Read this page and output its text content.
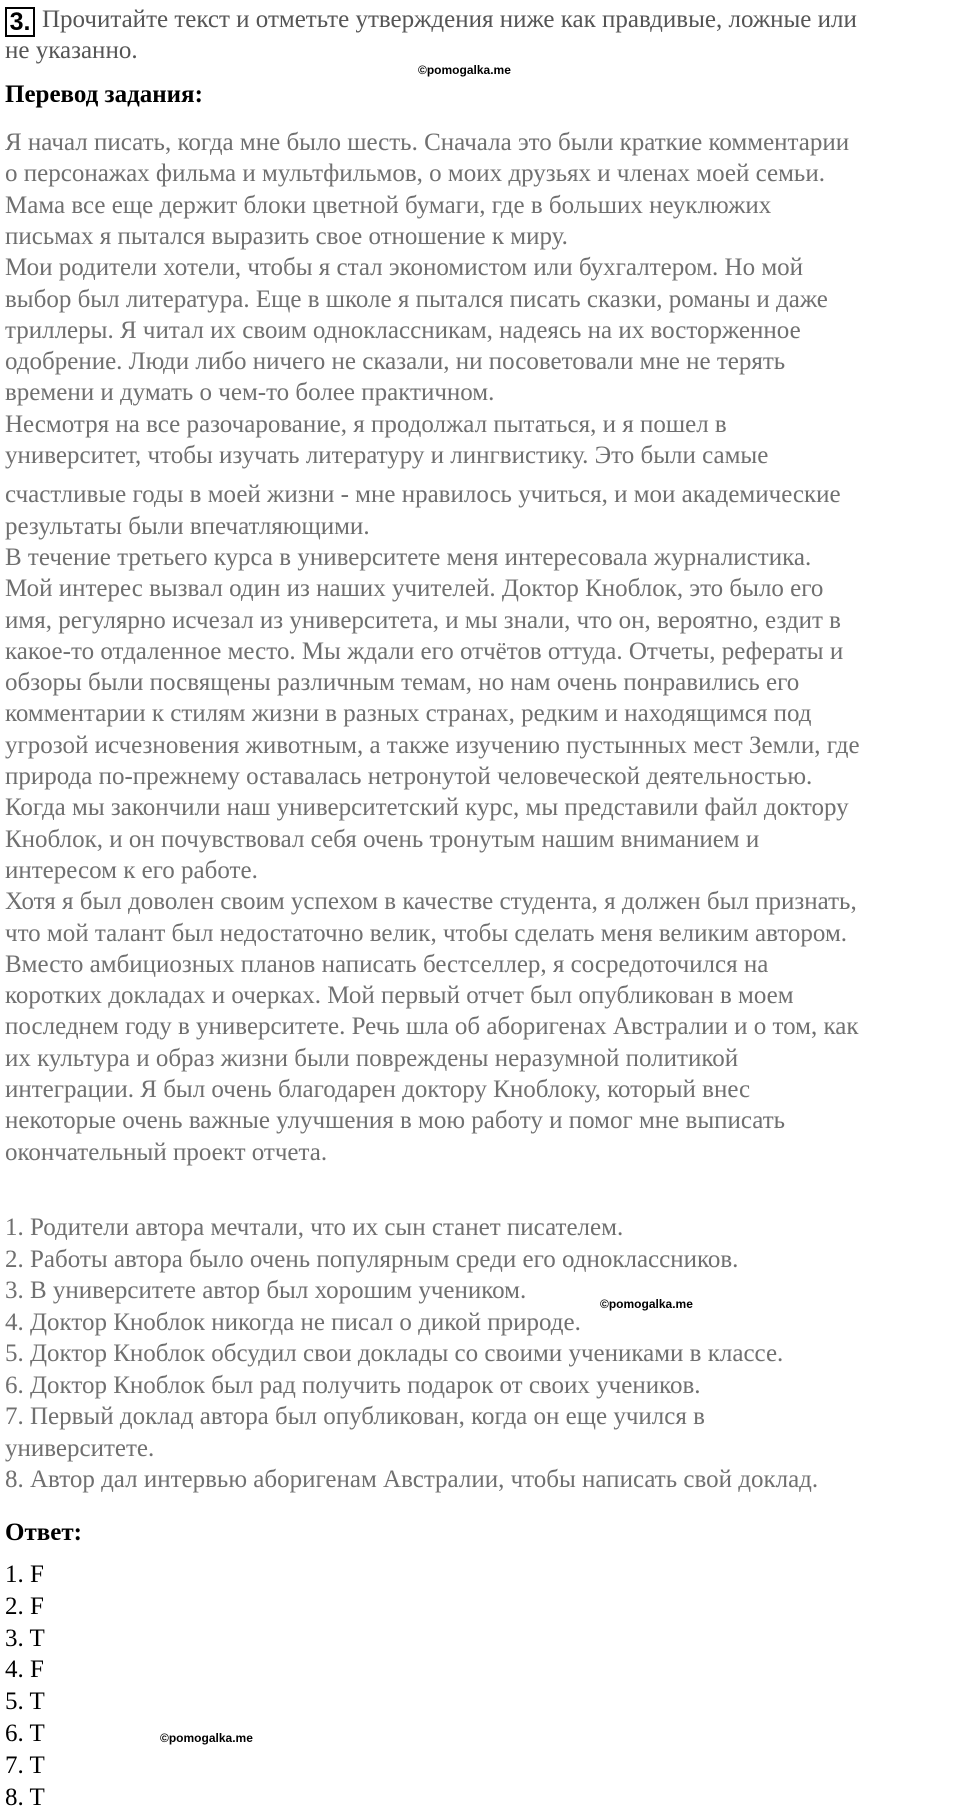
3. Прочитайте текст и отметьте утверждения ниже как правдивые, ложные или
не указанно.
©pomogalka.me
Перевод задания:
Я начал писать, когда мне было шесть. Сначала это были краткие комментарии
о персонажах фильма и мультфильмов, о моих друзьях и членах моей семьи.
Мама все еще держит блоки цветной бумаги, где в больших неуклюжих
письмах я пытался выразить свое отношение к миру.
Мои родители хотели, чтобы я стал экономистом или бухгалтером. Но мой
выбор был литература. Еще в школе я пытался писать сказки, романы и даже
триллеры. Я читал их своим одноклассникам, надеясь на их восторженное
одобрение. Люди либо ничего не сказали, ни посоветовали мне не терять
времени и думать о чем-то более практичном.
Несмотря на все разочарование, я продолжал пытаться, и я пошел в
университет, чтобы изучать литературу и лингвистику. Это были самые
счастливые годы в моей жизни - мне нравилось учиться, и мои академические
результаты были впечатляющими.
В течение третьего курса в университете меня интересовала журналистика.
Мой интерес вызвал один из наших учителей. Доктор Кноблок, это было его
имя, регулярно исчезал из университета, и мы знали, что он, вероятно, ездит в
какое-то отдаленное место. Мы ждали его отчётов оттуда. Отчеты, рефераты и
обзоры были посвящены различным темам, но нам очень понравились его
комментарии к стилям жизни в разных странах, редким и находящимся под
угрозой исчезновения животным, а также изучению пустынных мест Земли, где
природа по-прежнему оставалась нетронутой человеческой деятельностью.
Когда мы закончили наш университетский курс, мы представили файл доктору
Кноблок, и он почувствовал себя очень тронутым нашим вниманием и
интересом к его работе.
Хотя я был доволен своим успехом в качестве студента, я должен был признать,
что мой талант был недостаточно велик, чтобы сделать меня великим автором.
Вместо амбициозных планов написать бестселлер, я сосредоточился на
коротких докладах и очерках. Мой первый отчет был опубликован в моем
последнем году в университете. Речь шла об аборигенах Австралии и о том, как
их культура и образ жизни были повреждены неразумной политикой
интеграции. Я был очень благодарен доктору Кноблоку, который внес
некоторые очень важные улучшения в мою работу и помог мне выписать
окончательный проект отчета.
1. Родители автора мечтали, что их сын станет писателем.
2. Работы автора было очень популярным среди его одноклассников.
3. В университете автор был хорошим учеником.
4. Доктор Кноблок никогда не писал о дикой природе.
5. Доктор Кноблок обсудил свои доклады со своими учениками в классе.
6. Доктор Кноблок был рад получить подарок от своих учеников.
7. Первый доклад автора был опубликован, когда он еще учился в
университете.
8. Автор дал интервью аборигенам Австралии, чтобы написать свой доклад.
©pomogalka.me
Ответ:
1. F
2. F
3. T
4. F
5. T
6. T
7. T
8. T
©pomogalka.me
